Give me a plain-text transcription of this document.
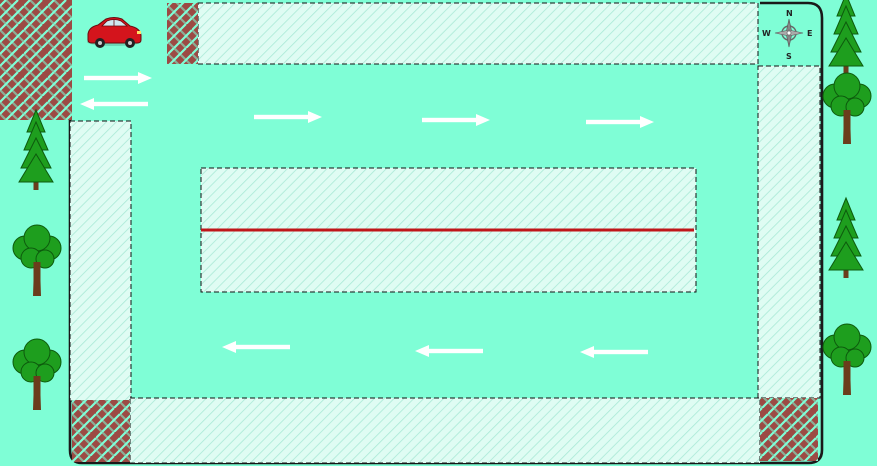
N
S
E
W
